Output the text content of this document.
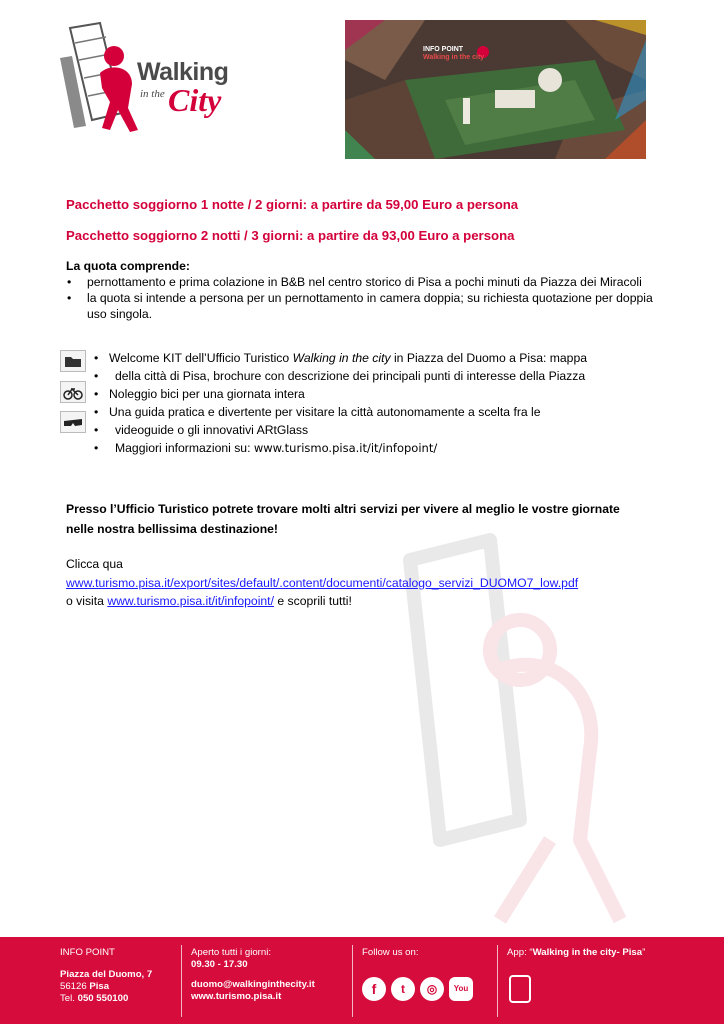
Walking
in the City
INFO POINT
Walking in the city
Pacchetto soggiorno 1 notte / 2 giorni: a partire da 59,00 Euro a persona
Pacchetto soggiorno 2 notti / 3 giorni: a partire da 93,00 Euro a persona
La quota comprende:
• pernottamento e prima colazione in B&B nel centro storico di Pisa a pochi minuti da Piazza dei Miracoli
• la quota si intende a persona per un pernottamento in camera doppia; su richiesta quotazione per doppia uso singola.
• Welcome KIT dell’Ufficio Turistico Walking in the city in Piazza del Duomo a Pisa: mappa
• della città di Pisa, brochure con descrizione dei principali punti di interesse della Piazza
• Noleggio bici per una giornata intera
• Una guida pratica e divertente per visitare la città autonomamente a scelta fra le
• videoguide o gli innovativi ARtGlass
• Maggiori informazioni su: www.turismo.pisa.it/it/infopoint/
Presso l’Ufficio Turistico potrete trovare molti altri servizi per vivere al meglio le vostre giornate nelle nostra bellissima destinazione!
Clicca qua
www.turismo.pisa.it/export/sites/default/.content/documenti/catalogo_servizi_DUOMO7_low.pdf
o visita www.turismo.pisa.it/it/infopoint/ e scoprili tutti!
INFO POINT
Piazza del Duomo, 7
56126 Pisa
Tel. 050 550100
Aperto tutti i giorni:
09.30 - 17.30
duomo@walkinginthecity.it
www.turismo.pisa.it
Follow us on:
f	t	◎	You
App: “Walking in the city- Pisa”
